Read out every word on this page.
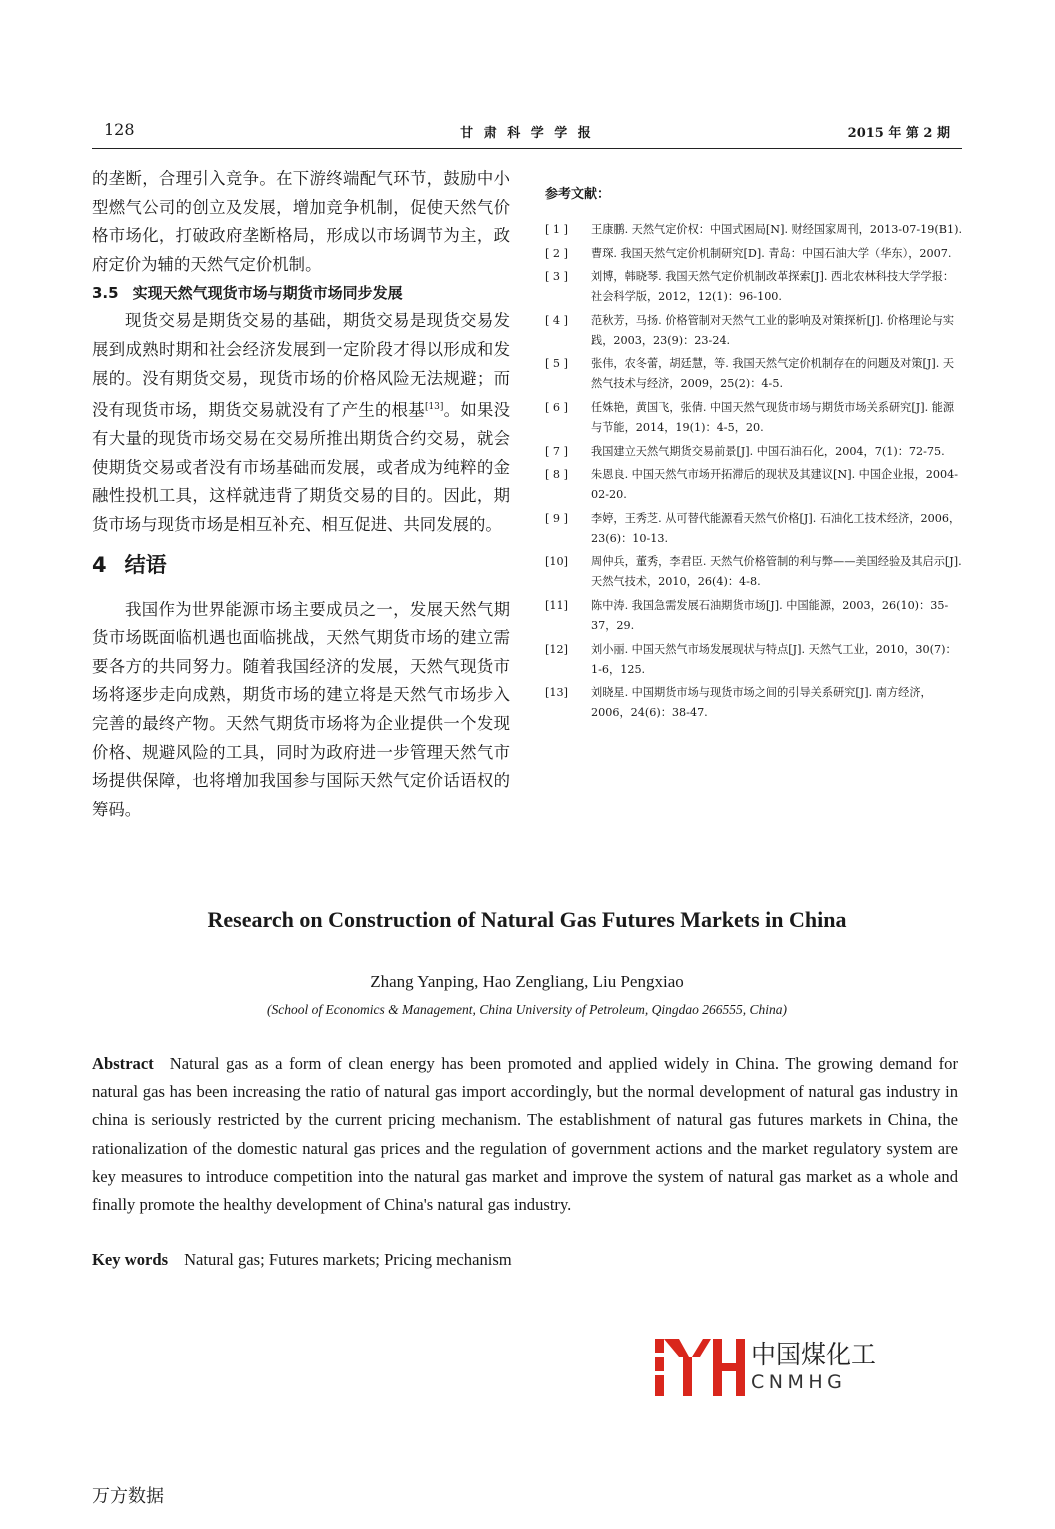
128	甘 肃 科 学 学 报	2015 年 第 2 期

的垄断，合理引入竞争。在下游终端配气环节，鼓励中小型燃气公司的创立及发展，增加竞争机制，促使天然气价格市场化，打破政府垄断格局，形成以市场调节为主，政府定价为辅的天然气定价机制。

3.5 实现天然气现货市场与期货市场同步发展

现货交易是期货交易的基础，期货交易是现货交易发展到成熟时期和社会经济发展到一定阶段才得以形成和发展的。没有期货交易，现货市场的价格风险无法规避；而没有现货市场，期货交易就没有了产生的根基[13]。如果没有大量的现货市场交易在交易所推出期货合约交易，就会使期货交易或者没有市场基础而发展，或者成为纯粹的金融性投机工具，这样就违背了期货交易的目的。因此，期货市场与现货市场是相互补充、相互促进、共同发展的。

4 结语

我国作为世界能源市场主要成员之一，发展天然气期货市场既面临机遇也面临挑战，天然气期货市场的建立需要各方的共同努力。随着我国经济的发展，天然气现货市场将逐步走向成熟，期货市场的建立将是天然气市场步入完善的最终产物。天然气期货市场将为企业提供一个发现价格、规避风险的工具，同时为政府进一步管理天然气市场提供保障，也将增加我国参与国际天然气定价话语权的筹码。

参考文献：

[ 1 ]	王康鹏. 天然气定价权：中国式困局[N]. 财经国家周刊，2013-07-19(B1).
[ 2 ]	曹琛. 我国天然气定价机制研究[D]. 青岛：中国石油大学（华东），2007.
[ 3 ]	刘博，韩晓琴. 我国天然气定价机制改革探索[J]. 西北农林科技大学学报：社会科学版，2012，12(1)：96-100.
[ 4 ]	范秋芳，马扬. 价格管制对天然气工业的影响及对策探析[J]. 价格理论与实践，2003，23(9)：23-24.
[ 5 ]	张伟，农冬蕾，胡廷慧，等. 我国天然气定价机制存在的问题及对策[J]. 天然气技术与经济，2009，25(2)：4-5.
[ 6 ]	任姝艳，黄国飞，张倩. 中国天然气现货市场与期货市场关系研究[J]. 能源与节能，2014，19(1)：4-5，20.
[ 7 ]	我国建立天然气期货交易前景[J]. 中国石油石化，2004，7(1)：72-75.
[ 8 ]	朱恩良. 中国天然气市场开拓滞后的现状及其建议[N]. 中国企业报，2004-02-20.
[ 9 ]	李婷，王秀芝. 从可替代能源看天然气价格[J]. 石油化工技术经济，2006，23(6)：10-13.
[10]	周仲兵，董秀，李君臣. 天然气价格管制的利与弊——美国经验及其启示[J]. 天然气技术，2010，26(4)：4-8.
[11]	陈中涛. 我国急需发展石油期货市场[J]. 中国能源，2003，26(10)：35-37，29.
[12]	刘小丽. 中国天然气市场发展现状与特点[J]. 天然气工业，2010，30(7)：1-6，125.
[13]	刘晓星. 中国期货市场与现货市场之间的引导关系研究[J]. 南方经济，2006，24(6)：38-47.
Research on Construction of Natural Gas Futures Markets in China
Zhang Yanping, Hao Zengliang, Liu Pengxiao
(School of Economics & Management, China University of Petroleum, Qingdao 266555, China)

Abstract Natural gas as a form of clean energy has been promoted and applied widely in China. The growing demand for natural gas has been increasing the ratio of natural gas import accordingly, but the normal development of natural gas industry in china is seriously restricted by the current pricing mechanism. The establishment of natural gas futures markets in China, the rationalization of the domestic natural gas prices and the regulation of government actions and the market regulatory system are key measures to introduce competition into the natural gas market and improve the system of natural gas market as a whole and finally promote the healthy development of China's natural gas industry.

Key words Natural gas; Futures markets; Pricing mechanism
中国煤化工
CNMHG
万方数据
